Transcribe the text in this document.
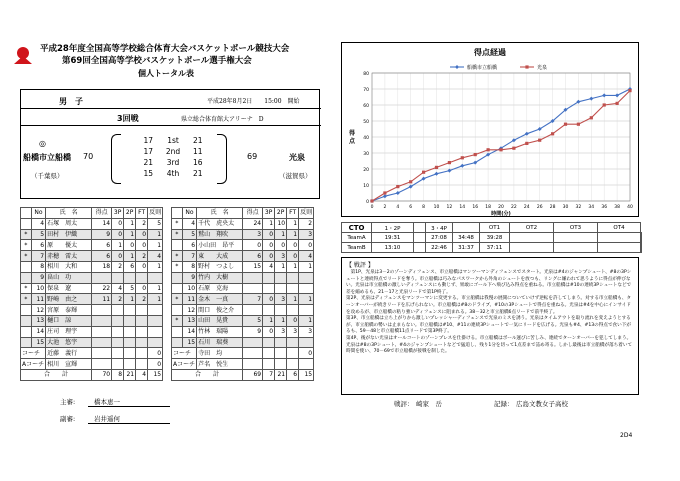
平成28年度全国高等学校総合体育大会バスケットボール競技大会
第69回全国高等学校バスケットボール選手権大会
個人トータル表
男　子	平成28年8月2日　　15:00　開始
3回戦	県立総合体育館大アリーナ　D
◎
船橋市立船橋
（千葉県）
70
17	1st	21
17	2nd	11
21	3rd	16
15	4th	21
69	光泉
（滋賀県）
	No	氏　名	得点	3P	2P	FT	反則
	4	石塚　周太	14	0	1	2	5
*	5	田村　伊織	9	0	1	0	1
*	6	原　　優太	6	1	0	0	1
*	7	赤穂　雷太	6	0	1	2	4
	8	相川　大和	18	2	6	0	1
	9	畠山　功					
*	10	保泉　遼	22	4	5	0	1
*	11	野崎　由之	11	2	1	2	1
	12	宮原　泰輝					
	13	樋口　諒					
	14	庄司　理宇					
	15	大池　悠宇					
コーチ		近藤　義行					0
Aコーチ		相川　宣輝					0
合　　計			70	8	21	4	15
	No	氏　名	得点	3P	2P	FT	反則
*	4	千代　虎央太	24	1	10	1	2
*	5	鷲山　翔吹	3	0	1	1	3
	6	小山田　昂平	0	0	0	0	0
*	7	東　　大成	6	0	3	0	4
*	8	野村　つよし	15	4	1	1	1
	9	竹内　大樹					
	10	石原　克海					
*	11	金木　一真	7	0	3	1	1
	12	間口　俊之介					
*	13	山田　晃貴	5	1	1	0	1
	14	竹林　瑞陽	9	0	3	3	3
	15	石川　瑞葵					
コーチ		寺田　均					0
Aコーチ		芦名　悦生					
合　　計			69	7	21	6	15
主審:	橋本恵一
副審:	岩井遥何
得点経過
0
10
20
30
40
50
60
70
80
0 2 4 6 8 10 12 14 16 18 20 22 24 26 28 30 32 34 36 38 40
時間(分)
得
点
船橋市立船橋	光泉
CTO	1・2P		3・4P		OT1	OT2	OT3	OT4	
TeamA	19:31		27:08	34:48	39:28				
TeamB	13:10		22:46	31:37	37:11				
【 戦評 】
　第1P、光泉は3－2のゾーンディフェンス、市立船橋はマンツーマンディフェンスでスタート。光泉は#4のジャンプシュート、#8の3Pシュートと連続得点でリードを奪う。市立船橋は巧みなパスワークから外角のシュートを放つも、リングに嫌われて思うように得点が伸びない。光泉は市立船橋の激しいディフェンスにも動じず、果敢にゴール下へ飛び込み得点を重ねる。市立船橋は#10の連続3Pシュートなどで差を縮めるも、21－17と光泉リードで第1P終了。
第2P、光泉はディフェンスをマンツーマンに変更する。市立船橋は我慢の展開についていけず逆転を許してしまう。対する市立船橋も、ターンオーバーが続きリードを広げられない。市立船橋は#8のドライブ、#10の3Pシュートで得点を重ねる。光泉は#4を中心にインサイドを攻めるが、市立船橋の粘り強いディフェンスに阻まれる。38－32と市立船橋6点リードで前半終了。
第3P、市立船橋は立ち上がりから激しいプレッシャーディフェンスで光泉のミスを誘う。光泉はタイムアウトを取り流れを変えようとするが、市立船橋の勢いは止まらない。市立船橋は#10、#11の連続3Pシュートで一気にリードを広げる。光泉も#4、#13の得点で食い下がるも、59－48と市立船橋11点リードで第3P終了。
第4P、後がない光泉はオールコートのゾーンプレスを仕掛ける。市立船橋はボール運びに苦しみ、連続でターンオーバーを犯してしまう。光泉は#8の3Pシュート、#4のジャンプシュートなどで猛追し、残り1分を切って1点差まで詰め寄る。しかし最後は市立船橋が落ち着いて時間を使い、70－69で市立船橋が接戦を制した。
戦評： 崎家　岳	記録： 広島文教女子高校
2D4
